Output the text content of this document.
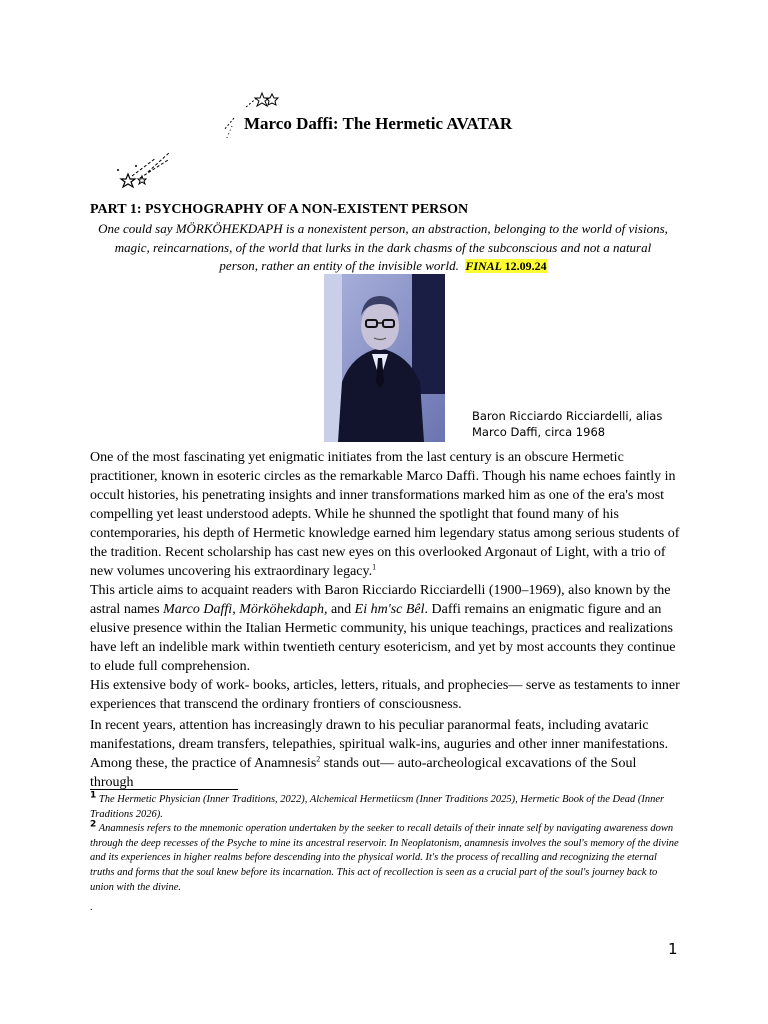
Marco Daffi: The Hermetic AVATAR
PART 1: PSYCHOGRAPHY OF A NON-EXISTENT PERSON
One could say MÖRKÖHEKDAPH is a nonexistent person, an abstraction, belonging to the world of visions, magic, reincarnations, of the world that lurks in the dark chasms of the subconscious and not a natural person, rather an entity of the invisible world. FINAL 12.09.24
Baron Ricciardo Ricciardelli, alias
Marco Daffi, circa 1968

One of the most fascinating yet enigmatic initiates from the last century is an obscure Hermetic practitioner, known in esoteric circles as the remarkable Marco Daffi. Though his name echoes faintly in occult histories, his penetrating insights and inner transformations marked him as one of the era's most compelling yet least understood adepts. While he shunned the spotlight that found many of his contemporaries, his depth of Hermetic knowledge earned him legendary status among serious students of the tradition. Recent scholarship has cast new eyes on this overlooked Argonaut of Light, with a trio of new volumes uncovering his extraordinary legacy.$^1$

This article aims to acquaint readers with Baron Ricciardo Ricciardelli (1900–1969), also known by the astral names Marco Daffi, Mörköhekdaph, and Ei hm'sc Bêl. Daffi remains an enigmatic figure and an elusive presence within the Italian Hermetic community, his unique teachings, practices and realizations have left an indelible mark within twentieth century esotericism, and yet by most accounts they continue to elude full comprehension.

His extensive body of work- books, articles, letters, rituals, and prophecies— serve as testaments to inner experiences that transcend the ordinary frontiers of consciousness.

In recent years, attention has increasingly drawn to his peculiar paranormal feats, including avataric manifestations, dream transfers, telepathies, spiritual walk-ins, auguries and other inner manifestations. Among these, the practice of Anamnesis$^2$ stands out— auto-archeological excavations of the Soul through

1 The Hermetic Physician (Inner Traditions, 2022), Alchemical Hermetiicsm (Inner Traditions 2025), Hermetic Book of the Dead (Inner Traditions 2026).

2 Anamnesis refers to the mnemonic operation undertaken by the seeker to recall details of their innate self by navigating awareness down through the deep recesses of the Psyche to mine its ancestral reservoir. In Neoplatonism, anamnesis involves the soul's memory of the divine and its experiences in higher realms before descending into the physical world. It's the process of recalling and recognizing the eternal truths and forms that the soul knew before its incarnation. This act of recollection is seen as a crucial part of the soul's journey back to union with the divine.

.
1
